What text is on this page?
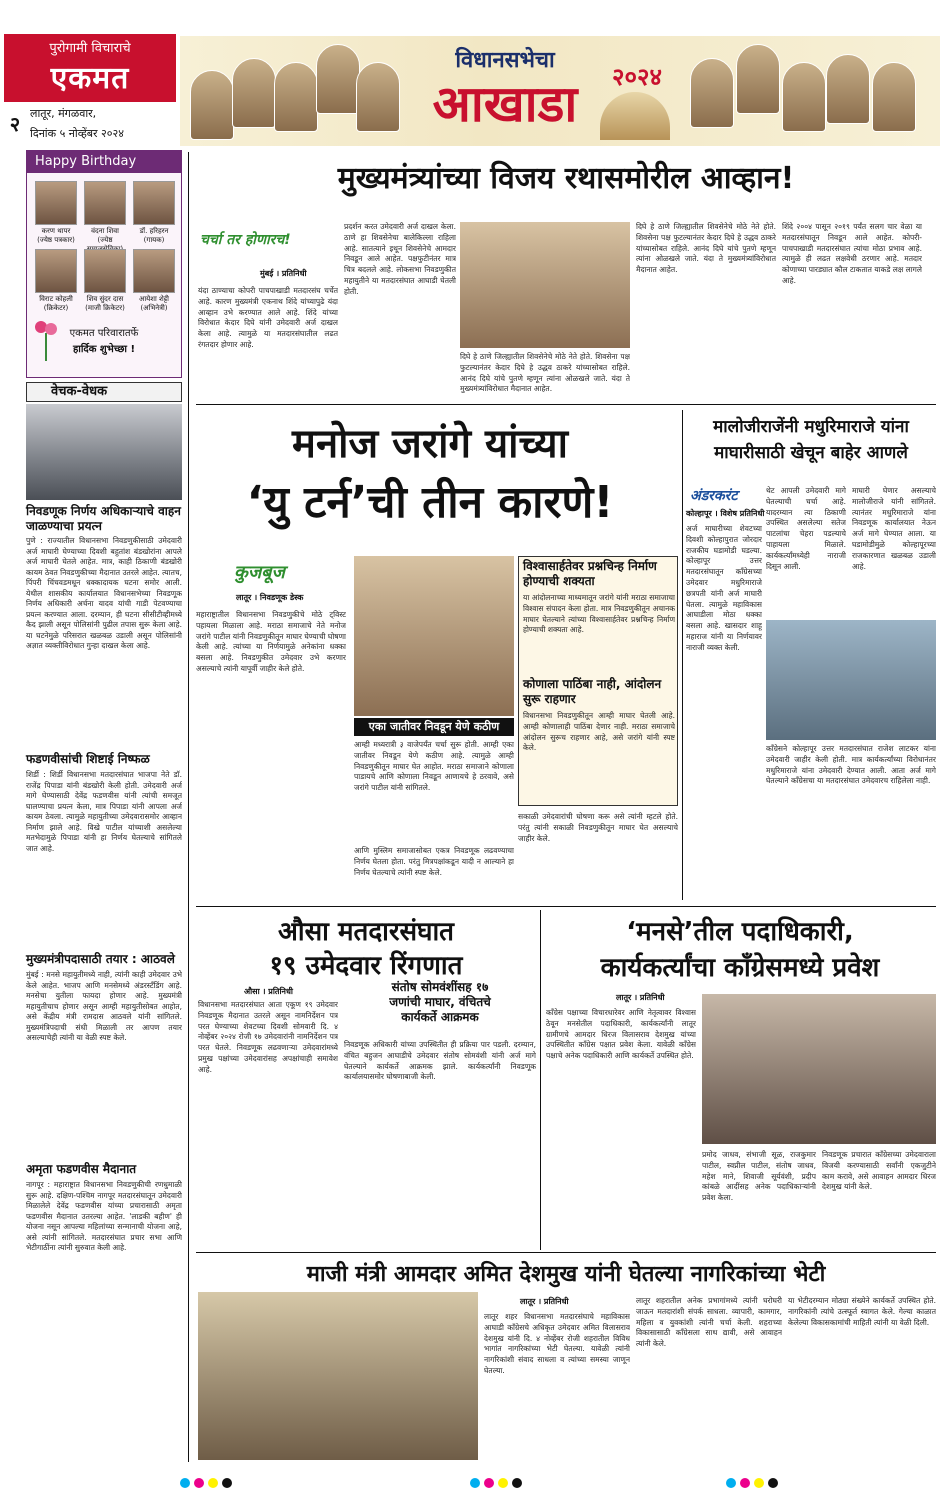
पुरोगामी विचाराचे
एकमत
२ लातूर, मंगळवार,
दिनांक ५ नोव्हेंबर २०२४
विधानसभेचा
आखाडा	२०२४
Happy Birthday
करण थापर
(ज्येष्ठ पत्रकार)
वंदना शिवा
(ज्येष्ठ
डॉ. हरिहरन
(गायक)
विराट कोहली
(क्रिकेटर)
शिव सुंदर दास
(माजी क्रिकेटर)
आयेशा शेट्टी
(अभिनेत्री)
एकमत परिवारातर्फे
हार्दिक शुभेच्छा !
वेचक-वेधक
निवडणूक निर्णय अधिकाऱ्याचे वाहन जाळण्याचा प्रयत्न
पुणे : राज्यातील विधानसभा निवडणुकीसाठी उमेदवारी अर्ज माघारी घेण्याच्या दिवशी बहुतांश बंडखोरांना आपले अर्ज माघारी घेतले आहेत. मात्र, काही ठिकाणी बंडखोरी कायम ठेवत निवडणुकीच्या मैदानात उतरले आहेत. त्यातच, पिंपरी चिंचवडमधून धक्कादायक घटना समोर आली. येथील शासकीय कार्यालयात विधानसभेच्या निवडणूक निर्णय अधिकारी अर्चना यादव यांची गाडी पेटवण्याचा प्रयत्न करण्यात आला. दरम्यान, ही घटना सीसीटीव्हीमध्ये कैद झाली असून पोलिसांनी पुढील तपास सुरू केला आहे. या घटनेमुळे परिसरात खळबळ उडाली असून पोलिसांनी अज्ञात व्यक्तीविरोधात गुन्हा दाखल केला आहे.
फडणवीसांची शिष्टाई निष्फळ
शिर्डी : शिर्डी विधानसभा मतदारसंघात भाजपा नेते डॉ. राजेंद्र पिपाडा यांनी बंडखोरी केली होती. उमेदवारी अर्ज मागे घेण्यासाठी देवेंद्र फडणवीस यांनी त्यांची समजूत घालण्याचा प्रयत्न केला, मात्र पिपाडा यांनी आपला अर्ज कायम ठेवला. त्यामुळे महायुतीच्या उमेदवारासमोर आव्हान निर्माण झाले आहे. विखे पाटील यांच्याशी असलेल्या मतभेदामुळे पिपाडा यांनी हा निर्णय घेतल्याचे सांगितले जात आहे.
मुख्यमंत्रीपदासाठी तयार : आठवले
मुंबई : मनसे महायुतीमध्ये नाही, त्यांनी काही उमेदवार उभे केले आहेत. भाजप आणि मनसेमध्ये अंडरस्टँडिंग आहे. मनसेचा युतीला फायदा होणार आहे. मुख्यमंत्री महायुतीचाच होणार असून आम्ही महायुतीसोबत आहोत, असे केंद्रीय मंत्री रामदास आठवले यांनी सांगितले. मुख्यमंत्रिपदाची संधी मिळाली तर आपण तयार असल्याचेही त्यांनी या वेळी स्पष्ट केले.
अमृता फडणवीस मैदानात
नागपूर : महाराष्ट्रात विधानसभा निवडणुकीची रणधुमाळी सुरू आहे. दक्षिण-पश्चिम नागपूर मतदारसंघातून उमेदवारी मिळालेले देवेंद्र फडणवीस यांच्या प्रचारासाठी अमृता फडणवीस मैदानात उतरल्या आहेत. 'लाडकी बहीण' ही योजना नसून आपल्या महिलांच्या सन्मानाची योजना आहे, असे त्यांनी सांगितले. मतदारसंघात प्रचार सभा आणि भेटीगाठींना त्यांनी सुरुवात केली आहे.
मुख्यमंत्र्यांच्या विजय रथासमोरील आव्हान!
चर्चा तर होणारच!
मुंबई । प्रतिनिधी
यंदा ठाण्याचा कोपरी पाचपाखाडी मतदारसंघ चर्चेत आहे. कारण मुख्यमंत्री एकनाथ शिंदे यांच्यापुढे यंदा आव्हान उभे करण्यात आले आहे. शिंदे यांच्या विरोधात केदार दिघे यांनी उमेदवारी अर्ज दाखल केला आहे. त्यामुळे या मतदारसंघातील लढत रंगतदार होणार आहे.
प्रदर्शन करत उमेदवारी अर्ज दाखल केला. ठाणे हा शिवसेनेचा बालेकिल्ला राहिला आहे. सातत्याने इथून शिवसेनेचे आमदार निवडून आले आहेत. पक्षफुटीनंतर मात्र चित्र बदलले आहे. लोकसभा निवडणुकीत महायुतीने या मतदारसंघात आघाडी घेतली होती.
दिघे हे ठाणे जिल्ह्यातील शिवसेनेचे मोठे नेते होते. शिवसेना पक्ष फुटल्यानंतर केदार दिघे हे उद्धव ठाकरे यांच्यासोबत राहिले. आनंद दिघे यांचे पुतणे म्हणून त्यांना ओळखले जाते. यंदा ते मुख्यमंत्र्यांविरोधात मैदानात आहेत.
दिघे हे ठाणे जिल्ह्यातील शिवसेनेचे मोठे नेते होते. शिवसेना पक्ष फुटल्यानंतर केदार दिघे हे उद्धव ठाकरे यांच्यासोबत राहिले. आनंद दिघे यांचे पुतणे म्हणून त्यांना ओळखले जाते. यंदा ते मुख्यमंत्र्यांविरोधात मैदानात आहेत.
शिंदे २००४ पासून २०१९ पर्यंत सलग चार वेळा या मतदारसंघातून निवडून आले आहेत. कोपरी-पाचपाखाडी मतदारसंघात त्यांचा मोठा प्रभाव आहे. त्यामुळे ही लढत लक्षवेधी ठरणार आहे. मतदार कोणाच्या पारड्यात कौल टाकतात याकडे लक्ष लागले आहे.
मनोज जरांगे यांच्या
‘यु टर्न’ची तीन कारणे!
कुजबूज
लातूर । निवडणूक डेस्क
महाराष्ट्रातील विधानसभा निवडणुकीचे मोठे ट्विस्ट पहायला मिळाला आहे. मराठा समाजाचे नेते मनोज जरांगे पाटील यांनी निवडणुकीतून माघार घेण्याची घोषणा केली आहे. त्यांच्या या निर्णयामुळे अनेकांना धक्का बसला आहे. निवडणुकीत उमेदवार उभे करणार असल्याचे त्यांनी यापूर्वी जाहीर केले होते.
एका जातीवर निवडून येणे कठीण
आम्ही मध्यरात्री ३ वाजेपर्यंत चर्चा सुरू होती. आम्ही एका जातीवर निवडून येणे कठीण आहे. त्यामुळे आम्ही निवडणुकीतून माघार घेत आहोत. मराठा समाजाने कोणाला पाडायचे आणि कोणाला निवडून आणायचे हे ठरवावे, असे जरांगे पाटील यांनी सांगितले.
आणि मुस्लिम समाजासोबत एकत्र निवडणूक लढवण्याचा निर्णय घेतला होता. परंतु मित्रपक्षांकडून यादी न आल्याने हा निर्णय घेतल्याचे त्यांनी स्पष्ट केले.
विश्वासार्हतेवर प्रश्नचिन्ह निर्माण होण्याची शक्यता
या आंदोलनाच्या माध्यमातून जरांगे यांनी मराठा समाजाचा विश्वास संपादन केला होता. मात्र निवडणुकीतून अचानक माघार घेतल्याने त्यांच्या विश्वासार्हतेवर प्रश्नचिन्ह निर्माण होण्याची शक्यता आहे.
कोणाला पाठिंबा नाही, आंदोलन सुरू राहणार
विधानसभा निवडणुकीतून आम्ही माघार घेतली आहे. आम्ही कोणालाही पाठिंबा देणार नाही. मराठा समाजाचे आंदोलन सुरूच राहणार आहे, असे जरांगे यांनी स्पष्ट केले.
सकाळी उमेदवारांची घोषणा करू असे त्यांनी म्हटले होते. परंतु त्यांनी सकाळी निवडणुकीतून माघार घेत असल्याचे जाहीर केले.
मालोजीराजेंनी मधुरिमाराजे यांना
माघारीसाठी खेचून बाहेर आणले
अंडरकरंट
कोल्हापूर । विशेष प्रतिनिधी
अर्ज माघारीच्या शेवटच्या दिवशी कोल्हापुरात जोरदार राजकीय घडामोडी घडल्या. कोल्हापूर उत्तर मतदारसंघातून काँग्रेसच्या उमेदवार मधुरिमाराजे छत्रपती यांनी अर्ज माघारी घेतला. त्यामुळे महाविकास आघाडीला मोठा धक्का बसला आहे. खासदार शाहू महाराज यांनी या निर्णयावर नाराजी व्यक्त केली.
थेट आपली उमेदवारी मागे घेतल्याची चर्चा आहे. यादरम्यान त्या ठिकाणी उपस्थित असलेल्या सतेज पाटलांचा चेहरा पडल्याचे पाहायला मिळाले. कार्यकर्त्यांमध्येही नाराजी दिसून आली.
माघारी घेणार असल्याचे मालोजीराजे यांनी सांगितले. त्यानंतर मधुरिमाराजे यांना निवडणूक कार्यालयात नेऊन अर्ज मागे घेण्यात आला. या घडामोडीमुळे कोल्हापूरच्या राजकारणात खळबळ उडाली आहे.
काँग्रेसने कोल्हापूर उत्तर मतदारसंघात राजेश लाटकर यांना उमेदवारी जाहीर केली होती. मात्र कार्यकर्त्यांच्या विरोधानंतर मधुरिमाराजे यांना उमेदवारी देण्यात आली. आता अर्ज मागे घेतल्याने काँग्रेसचा या मतदारसंघात उमेदवारच राहिलेला नाही.
औसा मतदारसंघात
१९ उमेदवार रिंगणात
औसा । प्रतिनिधी
विधानसभा मतदारसंघात आता एकूण १९ उमेदवार निवडणूक मैदानात उतरले असून नामनिर्देशन पत्र परत घेण्याच्या शेवटच्या दिवशी सोमवारी दि. ४ नोव्हेंबर २०२४ रोजी १७ उमेदवारांनी नामनिर्देशन पत्र परत घेतले. निवडणूक लढवणाऱ्या उमेदवारांमध्ये प्रमुख पक्षांच्या उमेदवारांसह अपक्षांचाही समावेश आहे.
संतोष सोमवंशींसह १७
जणांची माघार, वंचितचे
कार्यकर्ते आक्रमक
निवडणूक अधिकारी यांच्या उपस्थितीत ही प्रक्रिया पार पडली. दरम्यान, वंचित बहुजन आघाडीचे उमेदवार संतोष सोमवंशी यांनी अर्ज मागे घेतल्याने कार्यकर्ते आक्रमक झाले. कार्यकर्त्यांनी निवडणूक कार्यालयासमोर घोषणाबाजी केली.
‘मनसे’तील पदाधिकारी,
कार्यकर्त्यांचा काँग्रेसमध्ये प्रवेश
लातूर । प्रतिनिधी
काँग्रेस पक्षाच्या विचारधारेवर आणि नेतृत्वावर विश्वास ठेवून मनसेतील पदाधिकारी, कार्यकर्त्यांनी लातूर ग्रामीणचे आमदार धिरज विलासराव देशमुख यांच्या उपस्थितीत काँग्रेस पक्षात प्रवेश केला. यावेळी काँग्रेस पक्षाचे अनेक पदाधिकारी आणि कार्यकर्ते उपस्थित होते.
प्रमोद जाधव, संभाजी सूळ, राजकुमार पाटील, स्वप्नील पाटील, संतोष जाधव, महेश माने, शिवाजी सूर्यवंशी, प्रदीप कांबळे आदींसह अनेक पदाधिकाऱ्यांनी प्रवेश केला.
निवडणूक प्रचारात काँग्रेसच्या उमेदवाराला विजयी करण्यासाठी सर्वांनी एकजुटीने काम करावे, असे आवाहन आमदार धिरज देशमुख यांनी केले.
माजी मंत्री आमदार अमित देशमुख यांनी घेतल्या नागरिकांच्या भेटी
लातूर । प्रतिनिधी
लातूर शहर विधानसभा मतदारसंघाचे महाविकास आघाडी काँग्रेसचे अधिकृत उमेदवार अमित विलासराव देशमुख यांनी दि. ४ नोव्हेंबर रोजी शहरातील विविध भागांत नागरिकांच्या भेटी घेतल्या. यावेळी त्यांनी नागरिकांशी संवाद साधला व त्यांच्या समस्या जाणून घेतल्या.
लातूर शहरातील अनेक प्रभागांमध्ये त्यांनी घरोघरी जाऊन मतदारांशी संपर्क साधला. व्यापारी, कामगार, महिला व युवकांशी त्यांनी चर्चा केली. शहराच्या विकासासाठी काँग्रेसला साथ द्यावी, असे आवाहन त्यांनी केले.
या भेटीदरम्यान मोठ्या संख्येने कार्यकर्ते उपस्थित होते. नागरिकांनी त्यांचे उत्स्फूर्त स्वागत केले. गेल्या काळात केलेल्या विकासकामांची माहिती त्यांनी या वेळी दिली.
